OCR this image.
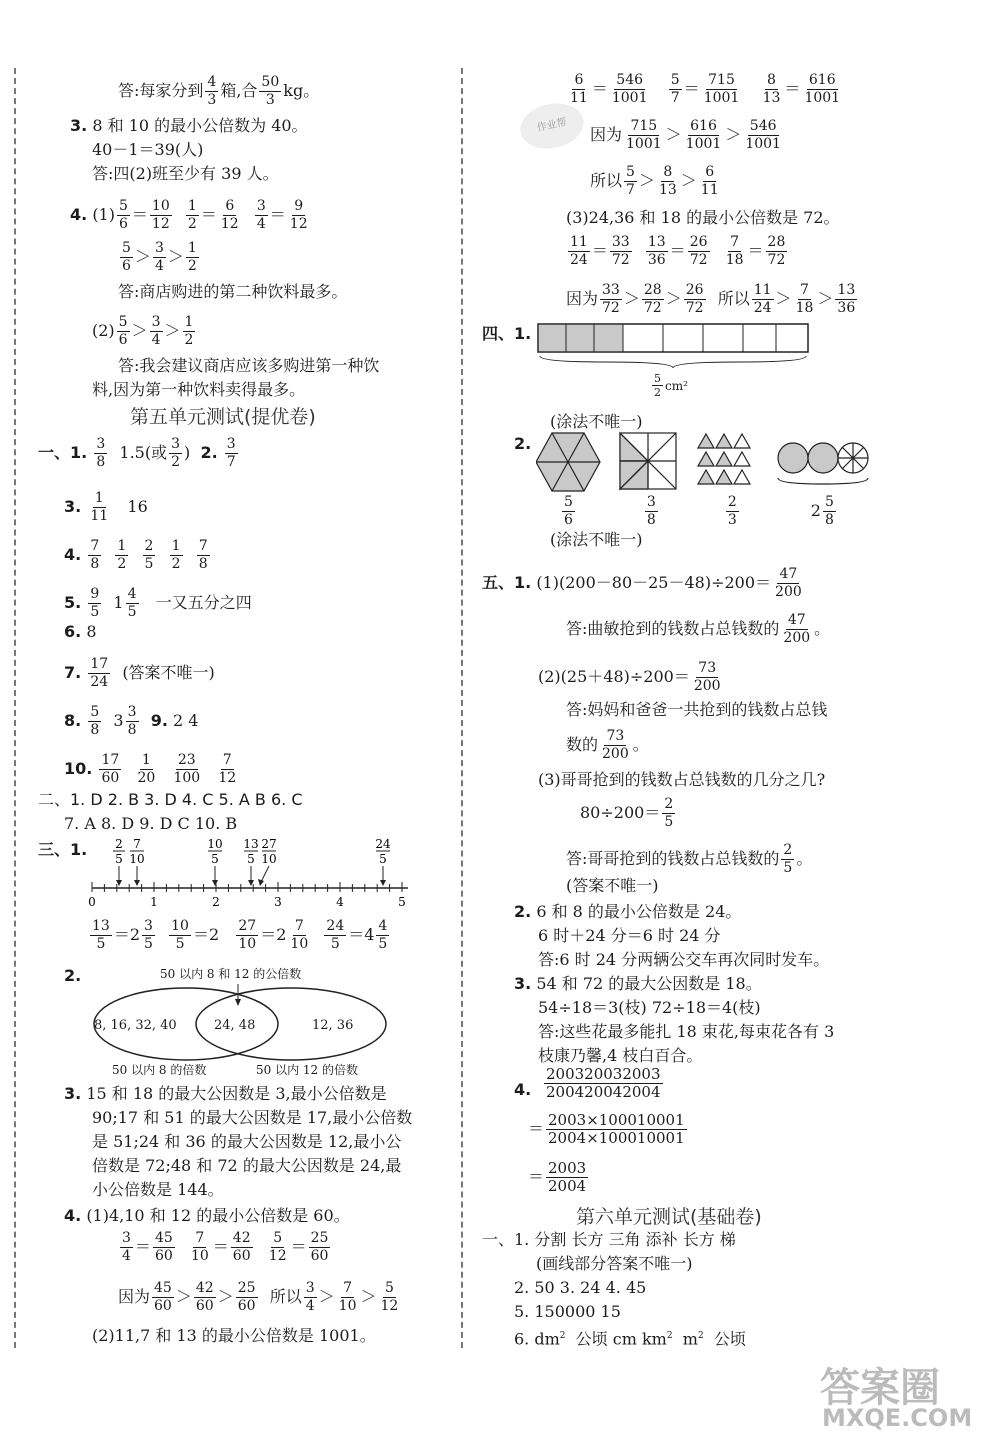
答:每家分到 $\frac{4}{3}$ 箱,合 $\frac{50}{3}$ kg。
3. 8 和 10 的最小公倍数为 40。
40－1＝39(人)
答:四(2)班至少有 39 人。
4. $(1) \frac{5}{6} = \frac{10}{12}$
$\frac{1}{2} = \frac{6}{12}$
$\frac{3}{4} = \frac{9}{12}$
$\frac{5}{6} > \frac{3}{4} > \frac{1}{2}$
答:商店购进的第二种饮料最多。
$(2) \frac{5}{6} > \frac{3}{4} > \frac{1}{2}$
答:我会建议商店应该多购进第一种饮
料,因为第一种饮料卖得最多。
第五单元测试(提优卷)
一、1. $\frac{3}{8} 1.5$(或 $\frac{3}{2}$ ) 2. $\frac{3}{7}$
3. $\frac{1}{11} 16$
4. $\frac{7}{8}$
$\frac{1}{2}$
$\frac{2}{5}$
$\frac{1}{2}$
$\frac{7}{8}$
5. $\frac{9}{5} 1 \frac{4}{5}$ 一又五分之四
6. 8
7. $\frac{17}{24}$ (答案不唯一)
8. $\frac{5}{8} 3 \frac{3}{8} 9$. 2 4
10. $\frac{17}{60}$
$\frac{1}{20}$
$\frac{23}{100}$
$\frac{7}{12}$
二、1. D 2. B 3. D 4. C 5. A B 6. C
7. A 8. D 9. D C 10. B
三、1. 2
5
7
10
10
5
13
5
27
10
24
5
0	1	2	3	4	5
$\frac{13}{5} =2 \frac{3}{5}$
$\frac{10}{5} =2 \frac{27}{10} =2 \frac{7}{10}$
$\frac{24}{5} =4 \frac{4}{5}$
2.	50 以内 8 和 12 的公倍数
8, 16, 32, 40	24, 48	12, 36
50 以内 8 的倍数	50 以内 12 的倍数
3. 15 和 18 的最大公因数是 3,最小公倍数是
90;17 和 51 的最大公因数是 17,最小公倍数
是 51;24 和 36 的最大公因数是 12,最小公
倍数是 72;48 和 72 的最大公因数是 24,最
小公倍数是 144。
4. (1)4,10 和 12 的最小公倍数是 60。
$\frac{3}{4} = \frac{45}{60}$
$\frac{7}{10} = \frac{42}{60}$
$\frac{5}{12} = \frac{25}{60}$
因为 $\frac{45}{60} > \frac{42}{60} > \frac{25}{60}$ 所以 $\frac{3}{4} > \frac{7}{10} > \frac{5}{12}$
(2)11,7 和 13 的最小公倍数是 1001。
$\frac{6}{11} = \frac{546}{1001}$
$\frac{5}{7} = \frac{715}{1001}$
$\frac{8}{13} = \frac{616}{1001}$
作业帮	因为 $\frac{715}{1001} > \frac{616}{1001} > \frac{546}{1001}$
所以 $\frac{5}{7} > \frac{8}{13} > \frac{6}{11}$
(3)24,36 和 18 的最小公倍数是 72。
$\frac{11}{24} = \frac{33}{72}$
$\frac{13}{36} = \frac{26}{72}$
$\frac{7}{18} = \frac{28}{72}$
因为 $\frac{33}{72} > \frac{28}{72} > \frac{26}{72}$ 所以 $\frac{11}{24} > \frac{7}{18} > \frac{13}{36}$
四、1.
$\frac{5}{2} cm^2$
(涂法不唯一)
2.
$\frac{5}{6}$	$\frac{3}{8}$	$\frac{2}{3}$	$2 \frac{5}{8}$
(涂法不唯一)
五、1. $(1)(200-80-25-48)\div 200= \frac{47}{200}$
答:曲敏抢到的钱数占总钱数的 $\frac{47}{200}$ 。
$(2)(25+48)\div 200= \frac{73}{200}$
答:妈妈和爸爸一共抢到的钱数占总钱
数的 $\frac{73}{200}$ 。
(3)哥哥抢到的钱数占总钱数的几分之几?
$80\div 200= \frac{2}{5}$
答:哥哥抢到的钱数占总钱数的 $\frac{2}{5}$ 。
(答案不唯一)
2. 6 和 8 的最小公倍数是 24。
6 时＋24 分＝6 时 24 分
答:6 时 24 分两辆公交车再次同时发车。
3. 54 和 72 的最大公因数是 18。
54÷18＝3(枝) 72÷18＝4(枝)
答:这些花最多能扎 18 束花,每束花各有 3
枝康乃馨,4 枝白百合。
4. $\frac{200320032003}{200420042004}$
＝ $\frac{2003\times 100010001}{2004\times 100010001}$
＝ $\frac{2003}{2004}$
第六单元测试(基础卷)
一、1. 分割 长方 三角 添补 长方 梯
(画线部分答案不唯一)
2. 50 3. 24 4. 45
5. 150000 15
6. $dm^2$ 公顷 cm $km^2$ $m^2$ 公顷
答案圈
MXQE.COM
